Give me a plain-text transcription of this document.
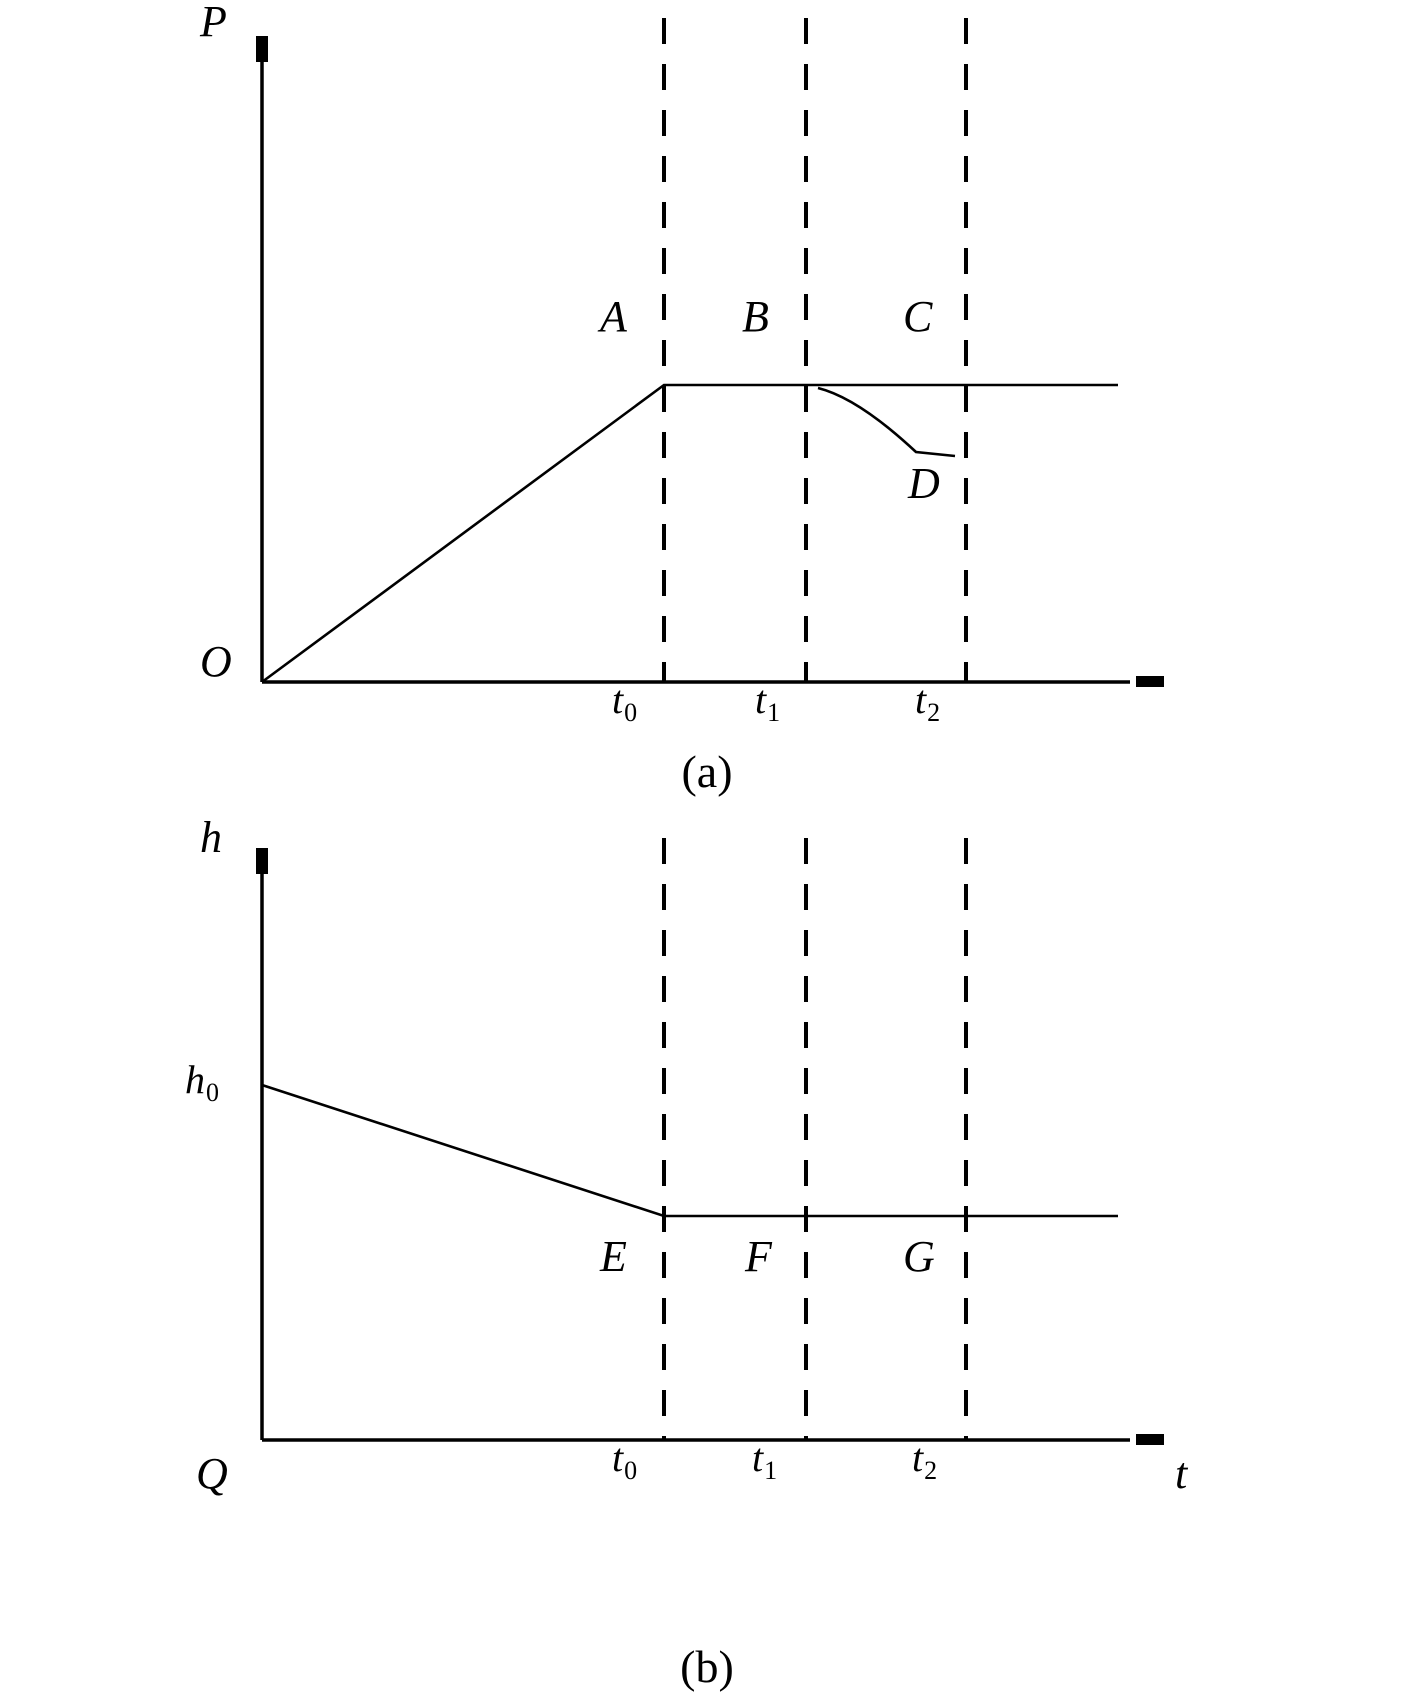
P
O
A	B	C
D
$t_0$	$t_1$	$t_2$
(a)
h
$h_0$
Q	t
E	F	G
$t_0$	$t_1$	$t_2$
(b)
